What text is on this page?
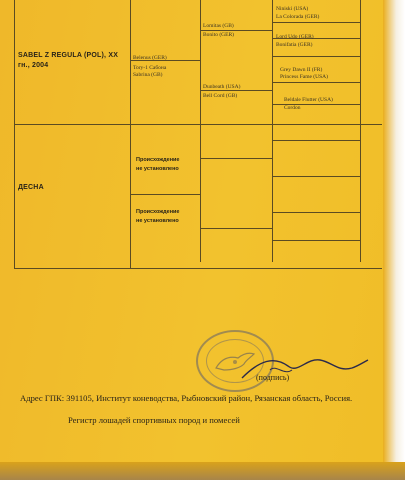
SABEL Z REGULA (POL), XX
гн., 2004
ДЕСНА
Belenus (GER)
Tory-1 Сабона
Sabrina (GB)
Происхождение
не установлено
Происхождение
не установлено
Lomitas (GB)
Bonito (GER)
Dunbeath (USA)
Bell Cord (GB)
Niniski (USA)
La Colorada (GER)
Lord Udo (GER)
Bonifatia (GER)
Grey Dawn II (FR)
Princess Fame (USA)
Beldale Flutter (USA)
Cordon
(подпись)
Адрес ГПК: 391105, Институт коневодства, Рыбновский район, Рязанская область, Россия.
Регистр лошадей спортивных пород и помесей
